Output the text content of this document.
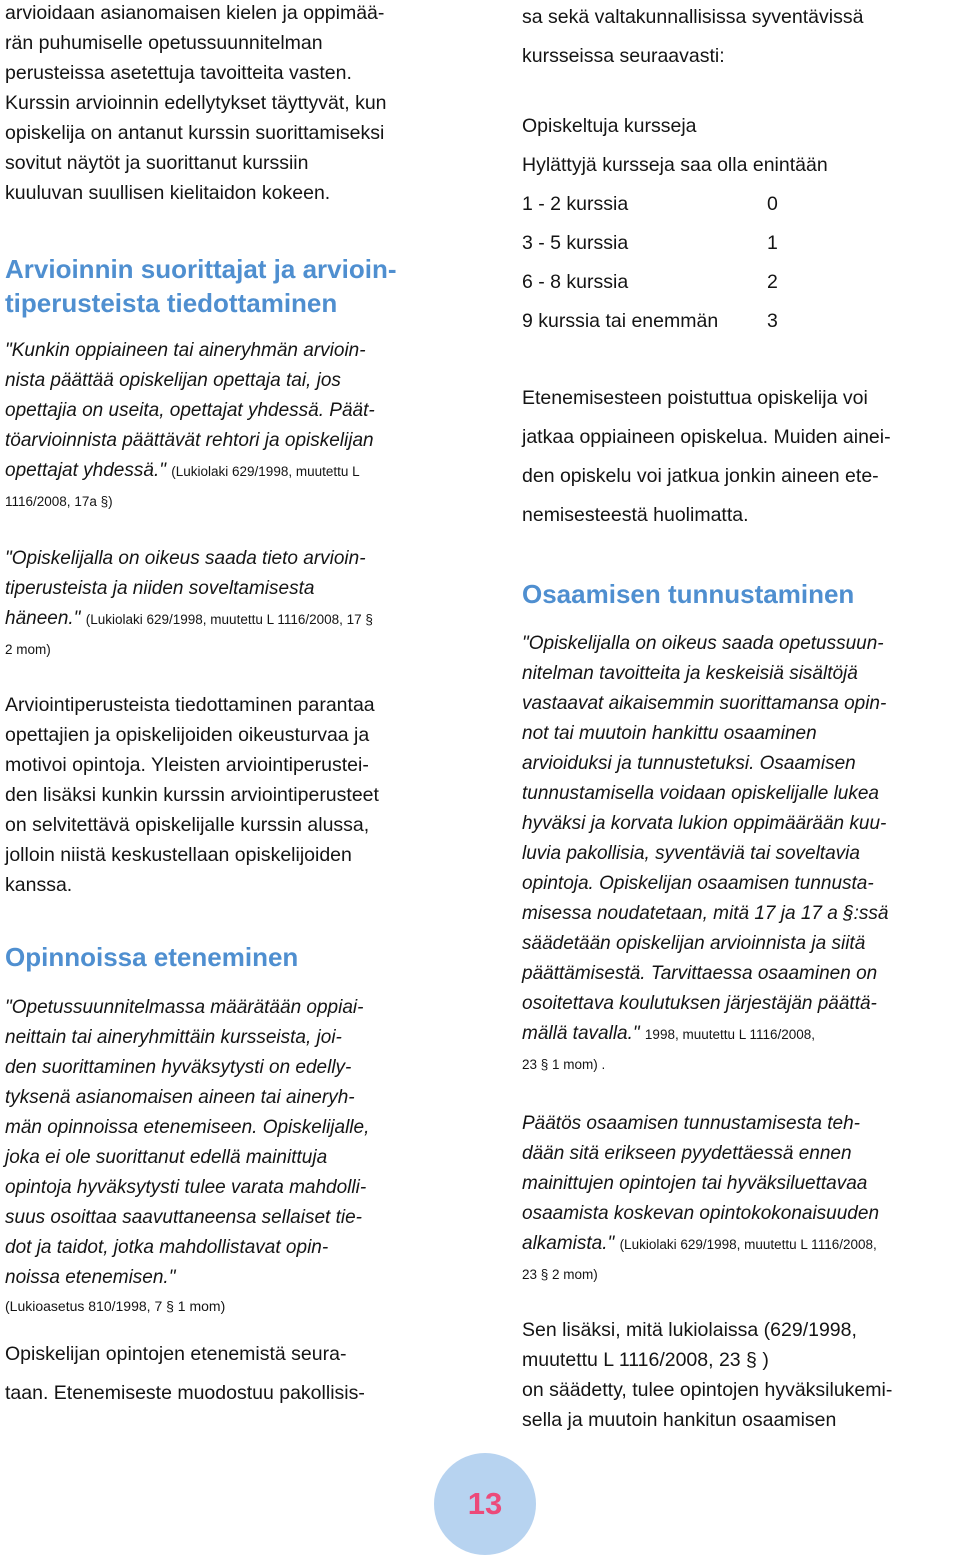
arvioidaan asianomaisen kielen ja oppimää-
rän puhumiselle opetussuunnitelman
perusteissa asetettuja tavoitteita vasten.
Kurssin arvioinnin edellytykset täyttyvät, kun
opiskelija on antanut kurssin suorittamiseksi
sovitut näytöt ja suorittanut kurssiin
kuuluvan suullisen kielitaidon kokeen.

Arvioinnin suorittajat ja arvioin-
tiperusteista tiedottaminen

"Kunkin oppiaineen tai aineryhmän arvioin-
nista päättää opiskelijan opettaja tai, jos
opettajia on useita, opettajat yhdessä. Päät-
töarvioinnista päättävät rehtori ja opiskelijan
opettajat yhdessä." (Lukiolaki 629/1998, muutettu L
1116/2008, 17a §)

"Opiskelijalla on oikeus saada tieto arvioin-
tiperusteista ja niiden soveltamisesta
häneen." (Lukiolaki 629/1998, muutettu L 1116/2008, 17 §
2 mom)

Arviointiperusteista tiedottaminen parantaa
opettajien ja opiskelijoiden oikeusturvaa ja
motivoi opintoja. Yleisten arviointiperustei-
den lisäksi kunkin kurssin arviointiperusteet
on selvitettävä opiskelijalle kurssin alussa,
jolloin niistä keskustellaan opiskelijoiden
kanssa.

Opinnoissa eteneminen

"Opetussuunnitelmassa määrätään oppiai-
neittain tai aineryhmittäin kursseista, joi-
den suorittaminen hyväksytysti on edelly-
tyksenä asianomaisen aineen tai aineryh-
män opinnoissa etenemiseen. Opiskelijalle,
joka ei ole suorittanut edellä mainittuja
opintoja hyväksytysti tulee varata mahdolli-
suus osoittaa saavuttaneensa sellaiset tie-
dot ja taidot, jotka mahdollistavat opin-
noissa etenemisen."

(Lukioasetus 810/1998, 7 § 1 mom)

Opiskelijan opintojen etenemistä seura-
taan. Etenemiseste muodostuu pakollisis-

sa sekä valtakunnallisissa syventävissä
kursseissa seuraavasti:

Opiskeltuja kursseja

Hylättyjä kursseja saa olla enintään

1 - 2 kurssia	0
3 - 5 kurssia	1
6 - 8 kurssia	2
9 kurssia tai enemmän	3

Etenemisesteen poistuttua opiskelija voi
jatkaa oppiaineen opiskelua. Muiden ainei-
den opiskelu voi jatkua jonkin aineen ete-
nemisesteestä huolimatta.

Osaamisen tunnustaminen

"Opiskelijalla on oikeus saada opetussuun-
nitelman tavoitteita ja keskeisiä sisältöjä
vastaavat aikaisemmin suorittamansa opin-
not tai muutoin hankittu osaaminen
arvioiduksi ja tunnustetuksi. Osaamisen
tunnustamisella voidaan opiskelijalle lukea
hyväksi ja korvata lukion oppimäärään kuu-
luvia pakollisia, syventäviä tai soveltavia
opintoja. Opiskelijan osaamisen tunnusta-
misessa noudatetaan, mitä 17 ja 17 a §:ssä
säädetään opiskelijan arvioinnista ja siitä
päättämisestä. Tarvittaessa osaaminen on
osoitettava koulutuksen järjestäjän päättä-
mällä tavalla." 1998, muutettu L 1116/2008,
23 § 1 mom) .

Päätös osaamisen tunnustamisesta teh-
dään sitä erikseen pyydettäessä ennen
mainittujen opintojen tai hyväksiluettavaa
osaamista koskevan opintokokonaisuuden
alkamista." (Lukiolaki 629/1998, muutettu L 1116/2008,
23 § 2 mom)

Sen lisäksi, mitä lukiolaissa (629/1998,
muutettu L 1116/2008, 23 § )
on säädetty, tulee opintojen hyväksilukemi-
sella ja muutoin hankitun osaamisen

13
